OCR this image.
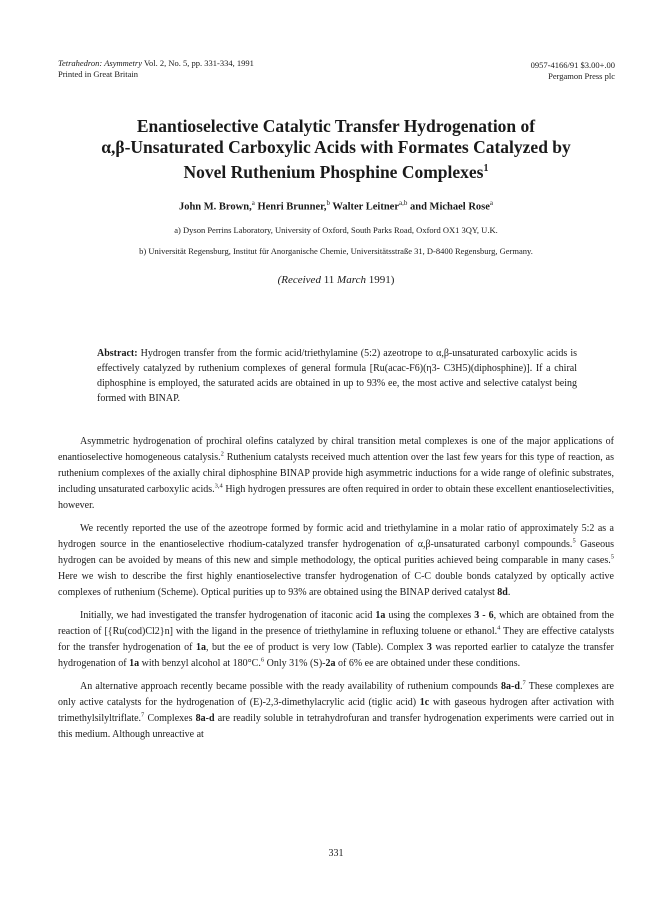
Tetrahedron: Asymmetry Vol. 2, No. 5, pp. 331-334, 1991
Printed in Great Britain
0957-4166/91 $3.00+.00
Pergamon Press plc
Enantioselective Catalytic Transfer Hydrogenation of
α,β-Unsaturated Carboxylic Acids with Formates Catalyzed by
Novel Ruthenium Phosphine Complexes$^1$
John M. Brown,$^a$ Henri Brunner,$^b$ Walter Leitner$^{a,b}$ and Michael Rose$^a$
a) Dyson Perrins Laboratory, University of Oxford, South Parks Road, Oxford OX1 3QY, U.K.
b) Universität Regensburg, Institut für Anorganische Chemie, Universitätsstraße 31, D-8400 Regensburg, Germany.
(Received 11 March 1991)
Abstract: Hydrogen transfer from the formic acid/triethylamine (5:2) azeotrope to α,β-unsaturated carboxylic acids is effectively catalyzed by ruthenium complexes of general formula [Ru(acac-F6)(η3- C3H5)(diphosphine)]. If a chiral diphosphine is employed, the saturated acids are obtained in up to 93% ee, the most active and selective catalyst being formed with BINAP.

Asymmetric hydrogenation of prochiral olefins catalyzed by chiral transition metal complexes is one of the major applications of enantioselective homogeneous catalysis.$^2$ Ruthenium catalysts received much attention over the last few years for this type of reaction, as ruthenium complexes of the axially chiral diphosphine BINAP provide high asymmetric inductions for a wide range of olefinic substrates, including unsaturated carboxylic acids.$^{3,4}$ High hydrogen pressures are often required in order to obtain these excellent enantioselectivities, however.

We recently reported the use of the azeotrope formed by formic acid and triethylamine in a molar ratio of approximately 5:2 as a hydrogen source in the enantioselective rhodium-catalyzed transfer hydrogenation of α,β-unsaturated carbonyl compounds.$^5$ Gaseous hydrogen can be avoided by means of this new and simple methodology, the optical purities achieved being comparable in many cases.$^5$ Here we wish to describe the first highly enantioselective transfer hydrogenation of C-C double bonds catalyzed by optically active complexes of ruthenium (Scheme). Optical purities up to 93% are obtained using the BINAP derived catalyst 8d.

Initially, we had investigated the transfer hydrogenation of itaconic acid 1a using the complexes 3 - 6, which are obtained from the reaction of [{Ru(cod)Cl2}n] with the ligand in the presence of triethylamine in refluxing toluene or ethanol.$^4$ They are effective catalysts for the transfer hydrogenation of 1a, but the ee of product is very low (Table). Complex 3 was reported earlier to catalyze the transfer hydrogenation of 1a with benzyl alcohol at 180°C.$^6$ Only 31% (S)-2a of 6% ee are obtained under these conditions.

An alternative approach recently became possible with the ready availability of ruthenium compounds 8a-d.$^7$ These complexes are only active catalysts for the hydrogenation of (E)-2,3-dimethylacrylic acid (tiglic acid) 1c with gaseous hydrogen after activation with trimethylsilyltriflate.$^7$ Complexes 8a-d are readily soluble in tetrahydrofuran and transfer hydrogenation experiments were carried out in this medium. Although unreactive at

331
